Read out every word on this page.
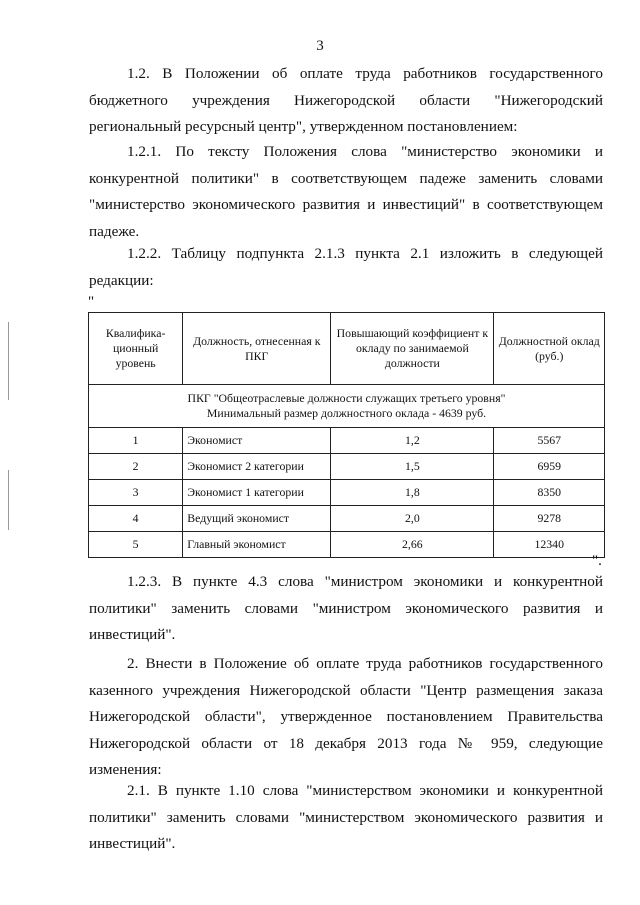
3
1.2. В Положении об оплате труда работников государственного
бюджетного учреждения Нижегородской области "Нижегородский
региональный ресурсный центр", утвержденном постановлением:
1.2.1. По тексту Положения слова "министерство экономики и
конкурентной политики" в соответствующем падеже заменить словами
"министерство экономического развития и инвестиций" в соответствующем
падеже.
1.2.2. Таблицу подпункта 2.1.3 пункта 2.1 изложить в следующей
редакции:
"
Квалифика-ционный уровень	Должность, отнесенная к ПКГ	Повышающий коэффициент к окладу по занимаемой должности	Должностной оклад (руб.)

ПКГ "Общеотраслевые должности служащих третьего уровня"
Минимальный размер должностного оклада - 4639 руб.			

1	Экономист	1,2	5567
2	Экономист 2 категории	1,5	6959
3	Экономист 1 категории	1,8	8350
4	Ведущий экономист	2,0	9278
5	Главный экономист	2,66	12340
".
1.2.3. В пункте 4.3 слова "министром экономики и конкурентной
политики" заменить словами "министром экономического развития и
инвестиций".
2. Внести в Положение об оплате труда работников государственного
казенного учреждения Нижегородской области "Центр размещения заказа
Нижегородской области", утвержденное постановлением Правительства
Нижегородской области от 18 декабря 2013 года № 959, следующие
изменения:
2.1. В пункте 1.10 слова "министерством экономики и конкурентной
политики" заменить словами "министерством экономического развития и
инвестиций".
